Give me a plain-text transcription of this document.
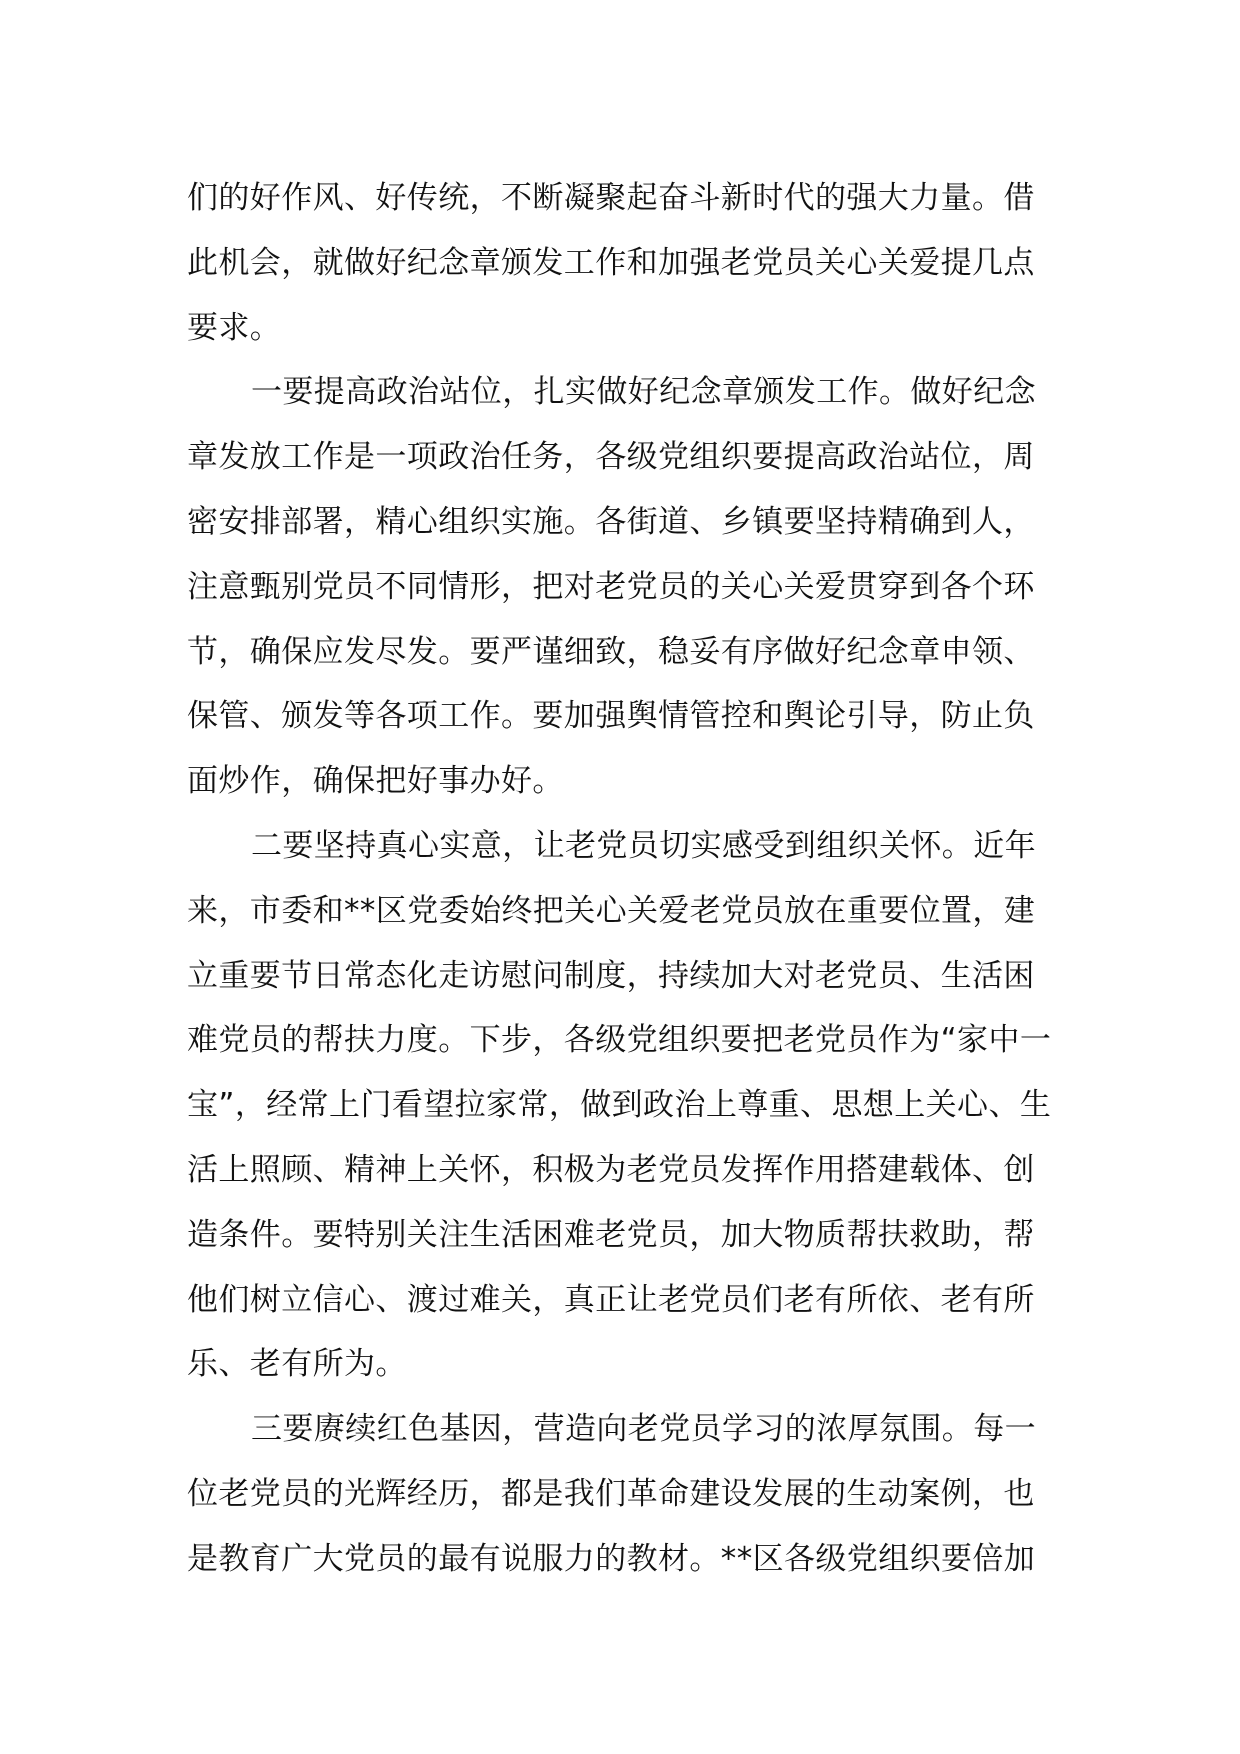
们的好作风、好传统，不断凝聚起奋斗新时代的强大力量。借此机会，就做好纪念章颁发工作和加强老党员关心关爱提几点要求。

一要提高政治站位，扎实做好纪念章颁发工作。做好纪念章发放工作是一项政治任务，各级党组织要提高政治站位，周密安排部署，精心组织实施。各街道、乡镇要坚持精确到人，注意甄别党员不同情形，把对老党员的关心关爱贯穿到各个环节，确保应发尽发。要严谨细致，稳妥有序做好纪念章申领、保管、颁发等各项工作。要加强舆情管控和舆论引导，防止负面炒作，确保把好事办好。

二要坚持真心实意，让老党员切实感受到组织关怀。近年来，市委和**区党委始终把关心关爱老党员放在重要位置，建立重要节日常态化走访慰问制度，持续加大对老党员、生活困难党员的帮扶力度。下步，各级党组织要把老党员作为“家中一宝”，经常上门看望拉家常，做到政治上尊重、思想上关心、生活上照顾、精神上关怀，积极为老党员发挥作用搭建载体、创造条件。要特别关注生活困难老党员，加大物质帮扶救助，帮他们树立信心、渡过难关，真正让老党员们老有所依、老有所乐、老有所为。

三要赓续红色基因，营造向老党员学习的浓厚氛围。每一位老党员的光辉经历，都是我们革命建设发展的生动案例，也是教育广大党员的最有说服力的教材。**区各级党组织要倍加
